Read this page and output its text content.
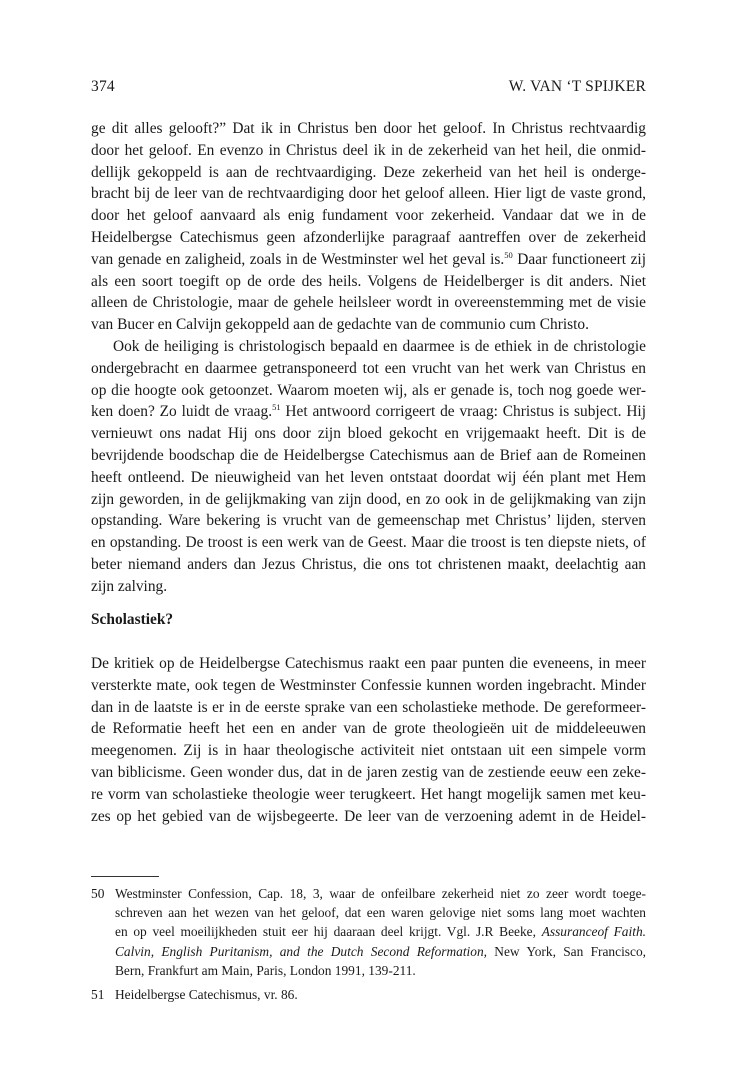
374	W. VAN ‘T SPIJKER
ge dit alles gelooft?” Dat ik in Christus ben door het geloof. In Christus rechtvaardig
door het geloof. En evenzo in Christus deel ik in de zekerheid van het heil, die onmid-
dellijk gekoppeld is aan de rechtvaardiging. Deze zekerheid van het heil is onderge-
bracht bij de leer van de rechtvaardiging door het geloof alleen. Hier ligt de vaste grond,
door het geloof aanvaard als enig fundament voor zekerheid. Vandaar dat we in de
Heidelbergse Catechismus geen afzonderlijke paragraaf aantreffen over de zekerheid
van genade en zaligheid, zoals in de Westminster wel het geval is.$^{50}$ Daar functioneert zij
als een soort toegift op de orde des heils. Volgens de Heidelberger is dit anders. Niet
alleen de Christologie, maar de gehele heilsleer wordt in overeenstemming met de visie
van Bucer en Calvijn gekoppeld aan de gedachte van de communio cum Christo.
Ook de heiliging is christologisch bepaald en daarmee is de ethiek in de christologie
ondergebracht en daarmee getransponeerd tot een vrucht van het werk van Christus en
op die hoogte ook getoonzet. Waarom moeten wij, als er genade is, toch nog goede wer-
ken doen? Zo luidt de vraag.$^{51}$ Het antwoord corrigeert de vraag: Christus is subject. Hij
vernieuwt ons nadat Hij ons door zijn bloed gekocht en vrijgemaakt heeft. Dit is de
bevrijdende boodschap die de Heidelbergse Catechismus aan de Brief aan de Romeinen
heeft ontleend. De nieuwigheid van het leven ontstaat doordat wij één plant met Hem
zijn geworden, in de gelijkmaking van zijn dood, en zo ook in de gelijkmaking van zijn
opstanding. Ware bekering is vrucht van de gemeenschap met Christus’ lijden, sterven
en opstanding. De troost is een werk van de Geest. Maar die troost is ten diepste niets, of
beter niemand anders dan Jezus Christus, die ons tot christenen maakt, deelachtig aan
zijn zalving.
Scholastiek?
De kritiek op de Heidelbergse Catechismus raakt een paar punten die eveneens, in meer
versterkte mate, ook tegen de Westminster Confessie kunnen worden ingebracht. Minder
dan in de laatste is er in de eerste sprake van een scholastieke methode. De gereformeer-
de Reformatie heeft het een en ander van de grote theologieën uit de middeleeuwen
meegenomen. Zij is in haar theologische activiteit niet ontstaan uit een simpele vorm
van biblicisme. Geen wonder dus, dat in de jaren zestig van de zestiende eeuw een zeke-
re vorm van scholastieke theologie weer terugkeert. Het hangt mogelijk samen met keu-
zes op het gebied van de wijsbegeerte. De leer van de verzoening ademt in de Heidel-
50 Westminster Confession, Cap. 18, 3, waar de onfeilbare zekerheid niet zo zeer wordt toege-
schreven aan het wezen van het geloof, dat een waren gelovige niet soms lang moet wachten
en op veel moeilijkheden stuit eer hij daaraan deel krijgt. Vgl. J.R Beeke, Assuranceof Faith.
Calvin, English Puritanism, and the Dutch Second Reformation, New York, San Francisco,
Bern, Frankfurt am Main, Paris, London 1991, 139-211.
51 Heidelbergse Catechismus, vr. 86.
